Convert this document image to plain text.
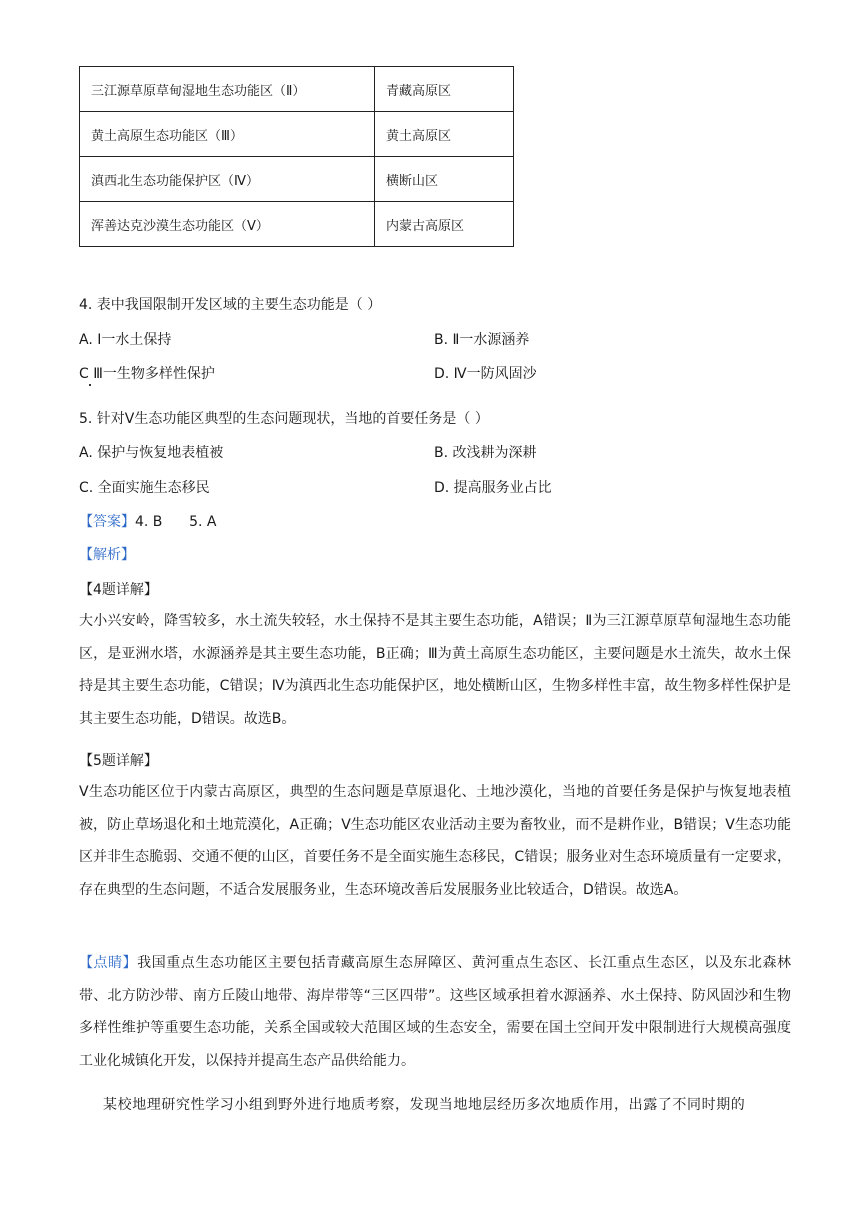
三江源草原草甸湿地生态功能区（Ⅱ）	青藏高原区
黄土高原生态功能区（Ⅲ）	黄土高原区
滇西北生态功能保护区（Ⅳ）	横断山区
浑善达克沙漠生态功能区（Ⅴ）	内蒙古高原区
4. 表中我国限制开发区域的主要生态功能是（ ）
A. Ⅰ一水土保持	B. Ⅱ一水源涵养
C Ⅲ一生物多样性保护	D. Ⅳ一防风固沙
5. 针对Ⅴ生态功能区典型的生态问题现状，当地的首要任务是（ ）
A. 保护与恢复地表植被	B. 改浅耕为深耕
C. 全面实施生态移民	D. 提高服务业占比
【答案】4. B      5. A
【解析】
【4题详解】

大小兴安岭，降雪较多，水土流失较轻，水土保持不是其主要生态功能，A错误；Ⅱ为三江源草原草甸湿地生态功能区，是亚洲水塔，水源涵养是其主要生态功能，B正确；Ⅲ为黄土高原生态功能区，主要问题是水土流失，故水土保持是其主要生态功能，C错误；Ⅳ为滇西北生态功能保护区，地处横断山区，生物多样性丰富，故生物多样性保护是其主要生态功能，D错误。故选B。

【5题详解】

Ⅴ生态功能区位于内蒙古高原区，典型的生态问题是草原退化、土地沙漠化，当地的首要任务是保护与恢复地表植被，防止草场退化和土地荒漠化，A正确；Ⅴ生态功能区农业活动主要为畜牧业，而不是耕作业，B错误；Ⅴ生态功能区并非生态脆弱、交通不便的山区，首要任务不是全面实施生态移民，C错误；服务业对生态环境质量有一定要求，存在典型的生态问题，不适合发展服务业，生态环境改善后发展服务业比较适合，D错误。故选A。

【点睛】我国重点生态功能区主要包括青藏高原生态屏障区、黄河重点生态区、长江重点生态区，以及东北森林带、北方防沙带、南方丘陵山地带、海岸带等“三区四带”。这些区域承担着水源涵养、水土保持、防风固沙和生物多样性维护等重要生态功能，关系全国或较大范围区域的生态安全，需要在国土空间开发中限制进行大规模高强度工业化城镇化开发，以保持并提高生态产品供给能力。

某校地理研究性学习小组到野外进行地质考察，发现当地地层经历多次地质作用，出露了不同时期的
